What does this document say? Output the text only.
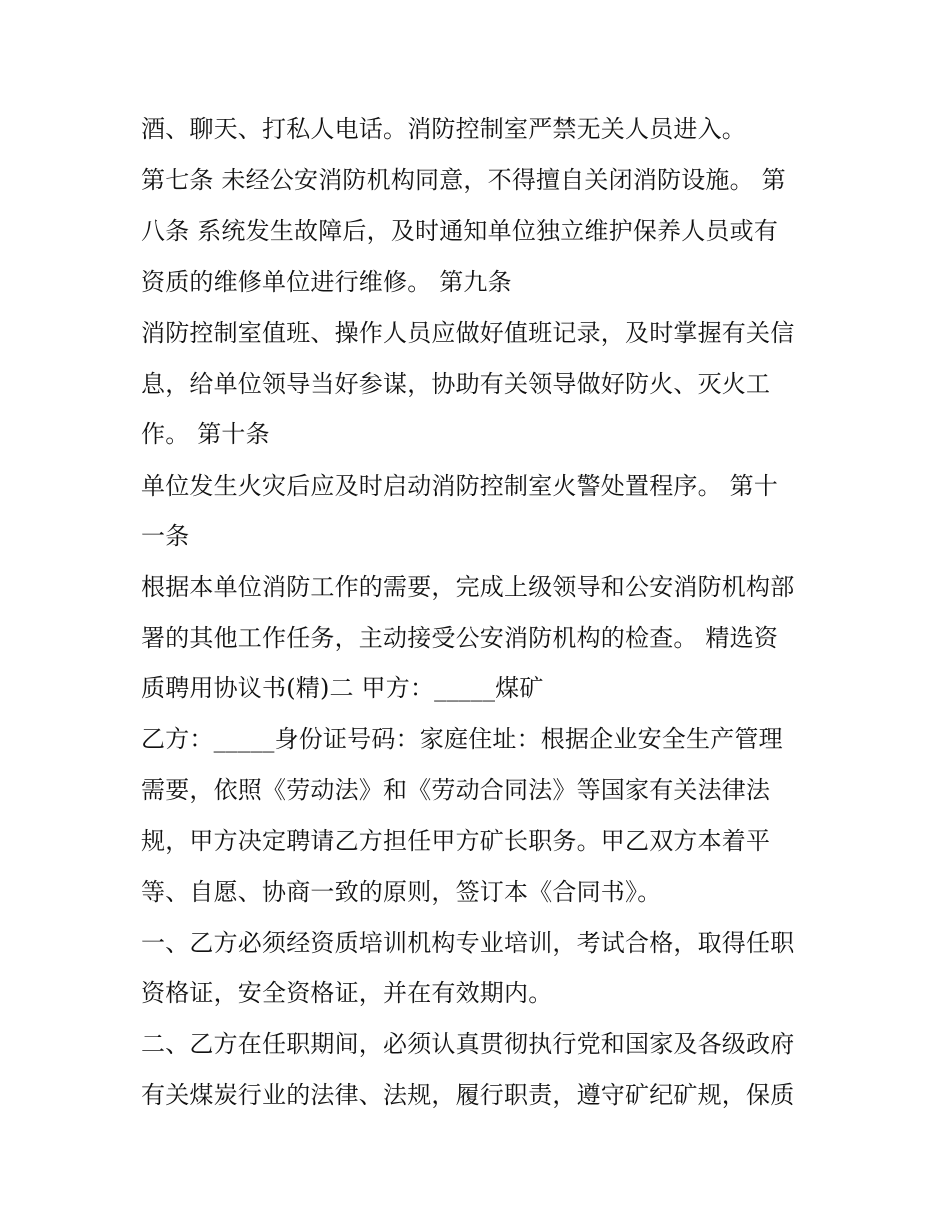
酒、聊天、打私人电话。消防控制室严禁无关人员进入。
第七条 未经公安消防机构同意，不得擅自关闭消防设施。 第
八条 系统发生故障后，及时通知单位独立维护保养人员或有
资质的维修单位进行维修。 第九条
消防控制室值班、操作人员应做好值班记录，及时掌握有关信
息，给单位领导当好参谋，协助有关领导做好防火、灭火工
作。 第十条
单位发生火灾后应及时启动消防控制室火警处置程序。 第十
一条
根据本单位消防工作的需要，完成上级领导和公安消防机构部
署的其他工作任务，主动接受公安消防机构的检查。 精选资
质聘用协议书(精)二 甲方：_____煤矿
乙方：_____身份证号码：家庭住址：根据企业安全生产管理
需要，依照《劳动法》和《劳动合同法》等国家有关法律法
规，甲方决定聘请乙方担任甲方矿长职务。甲乙双方本着平
等、自愿、协商一致的原则，签订本《合同书》。
一、乙方必须经资质培训机构专业培训，考试合格，取得任职
资格证，安全资格证，并在有效期内。
二、乙方在任职期间，必须认真贯彻执行党和国家及各级政府
有关煤炭行业的法律、法规，履行职责，遵守矿纪矿规，保质
